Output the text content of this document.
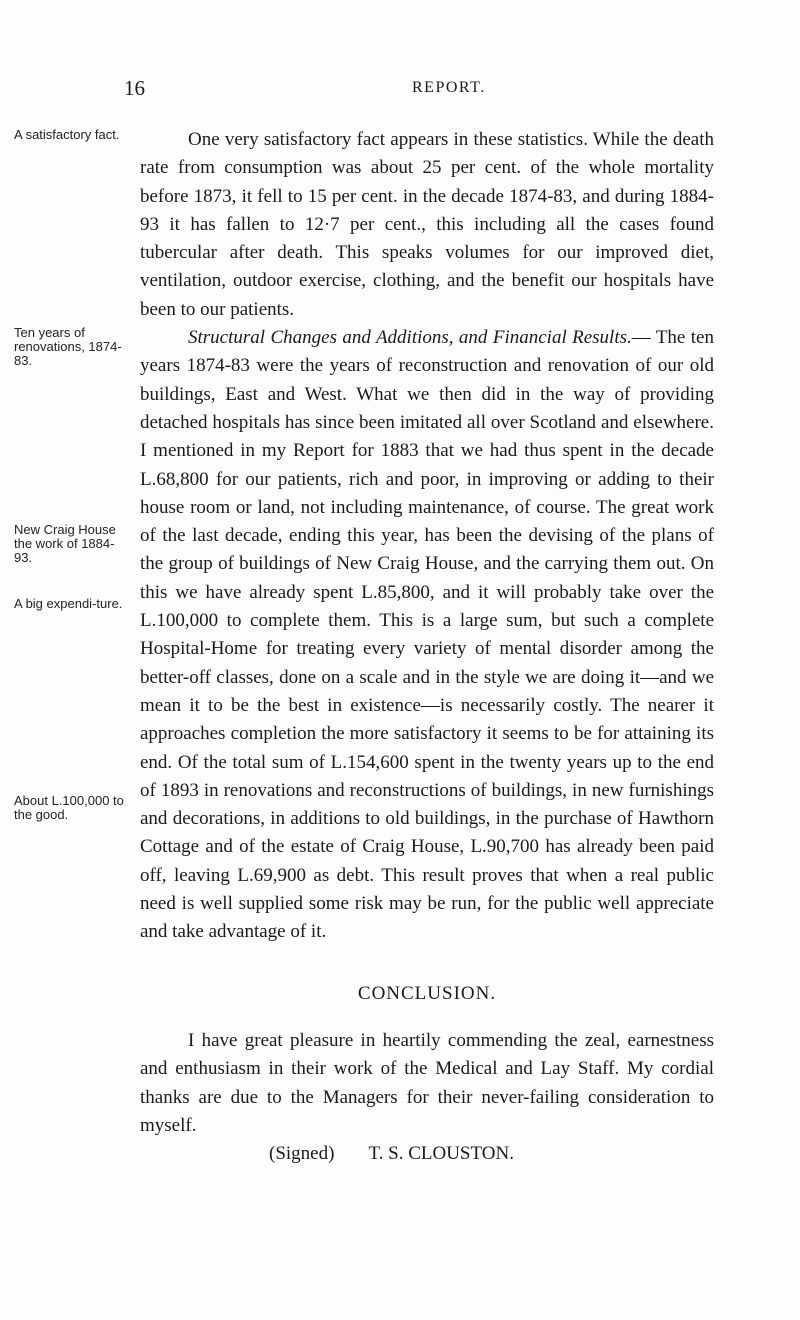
16	REPORT.
A satisfactory fact.
Ten years of renovations, 1874-83.
New Craig House the work of 1884-93.
A big expendi-ture.
About L.100,000 to the good.

One very satisfactory fact appears in these statistics. While the death rate from consumption was about 25 per cent. of the whole mortality before 1873, it fell to 15 per cent. in the decade 1874-83, and during 1884-93 it has fallen to 12·7 per cent., this including all the cases found tubercular after death. This speaks volumes for our improved diet, ventilation, outdoor exercise, clothing, and the benefit our hospitals have been to our patients.

Structural Changes and Additions, and Financial Results.— The ten years 1874-83 were the years of reconstruction and renovation of our old buildings, East and West. What we then did in the way of providing detached hospitals has since been imitated all over Scotland and elsewhere. I mentioned in my Report for 1883 that we had thus spent in the decade L.68,800 for our patients, rich and poor, in improving or adding to their house room or land, not including maintenance, of course. The great work of the last decade, ending this year, has been the devising of the plans of the group of buildings of New Craig House, and the carrying them out. On this we have already spent L.85,800, and it will probably take over the L.100,000 to complete them. This is a large sum, but such a complete Hospital-Home for treating every variety of mental disorder among the better-off classes, done on a scale and in the style we are doing it—and we mean it to be the best in existence—is necessarily costly. The nearer it approaches completion the more satisfactory it seems to be for attaining its end. Of the total sum of L.154,600 spent in the twenty years up to the end of 1893 in renovations and reconstructions of buildings, in new furnishings and decorations, in additions to old buildings, in the purchase of Hawthorn Cottage and of the estate of Craig House, L.90,700 has already been paid off, leaving L.69,900 as debt. This result proves that when a real public need is well supplied some risk may be run, for the public well appreciate and take advantage of it.

CONCLUSION.

I have great pleasure in heartily commending the zeal, earnestness and enthusiasm in their work of the Medical and Lay Staff. My cordial thanks are due to the Managers for their never-failing consideration to myself.

(Signed) T. S. CLOUSTON.
